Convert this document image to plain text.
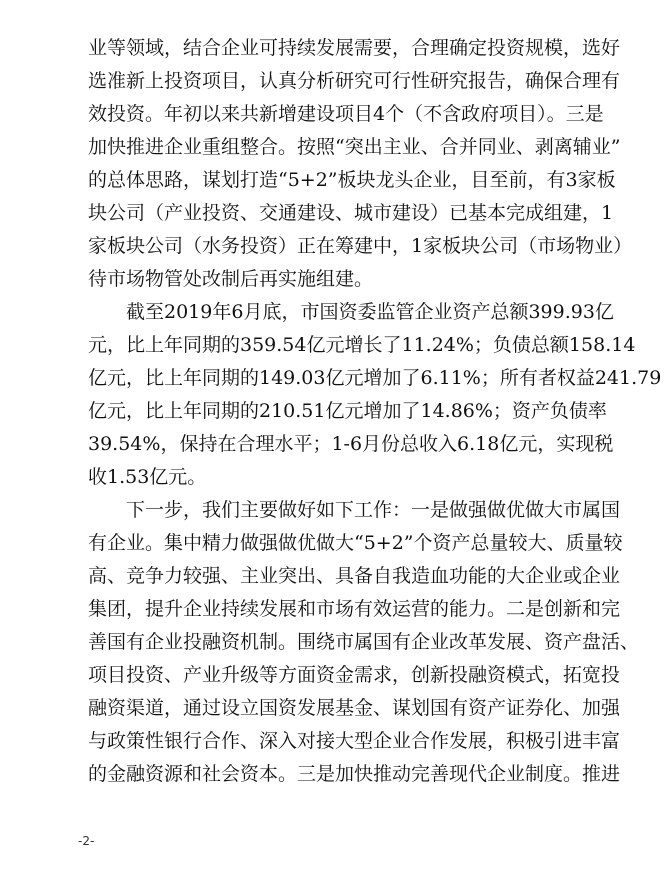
业等领域，结合企业可持续发展需要，合理确定投资规模，选好
选准新上投资项目，认真分析研究可行性研究报告，确保合理有
效投资。年初以来共新增建设项目4个（不含政府项目）。三是
加快推进企业重组整合。按照“突出主业、合并同业、剥离辅业”
的总体思路，谋划打造“5+2”板块龙头企业，目至前，有3家板
块公司（产业投资、交通建设、城市建设）已基本完成组建，1
家板块公司（水务投资）正在筹建中，1家板块公司（市场物业）
待市场物管处改制后再实施组建。
截至2019年6月底，市国资委监管企业资产总额399.93亿
元，比上年同期的359.54亿元增长了11.24%；负债总额158.14
亿元，比上年同期的149.03亿元增加了6.11%；所有者权益241.79
亿元，比上年同期的210.51亿元增加了14.86%；资产负债率
39.54%，保持在合理水平；1-6月份总收入6.18亿元，实现税
收1.53亿元。
下一步，我们主要做好如下工作：一是做强做优做大市属国
有企业。集中精力做强做优做大“5+2”个资产总量较大、质量较
高、竞争力较强、主业突出、具备自我造血功能的大企业或企业
集团，提升企业持续发展和市场有效运营的能力。二是创新和完
善国有企业投融资机制。围绕市属国有企业改革发展、资产盘活、
项目投资、产业升级等方面资金需求，创新投融资模式，拓宽投
融资渠道，通过设立国资发展基金、谋划国有资产证券化、加强
与政策性银行合作、深入对接大型企业合作发展，积极引进丰富
的金融资源和社会资本。三是加快推动完善现代企业制度。推进
-2-
